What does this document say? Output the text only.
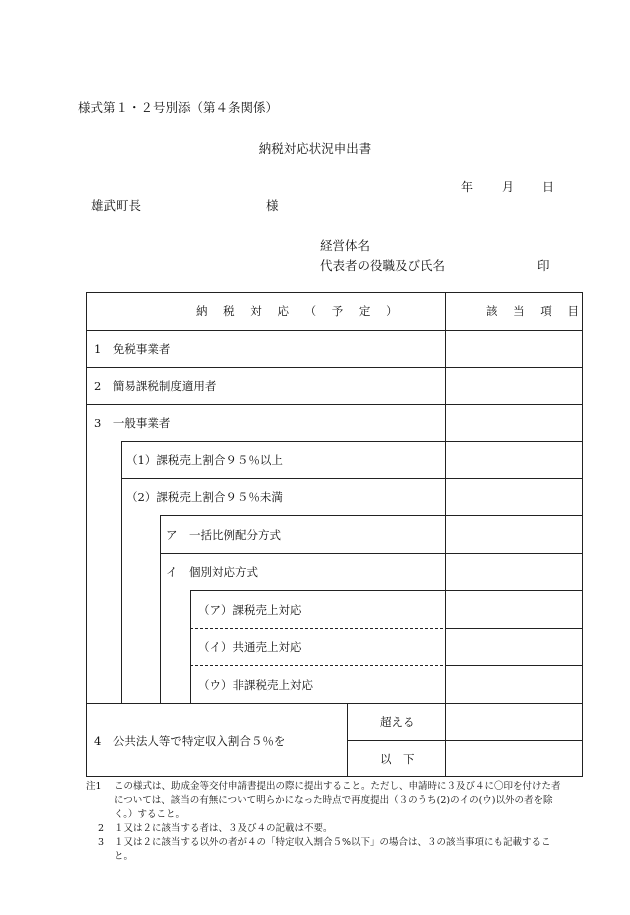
様式第１・２号別添（第４条関係）
納税対応状況申出書
年 月 日
雄武町長	様
経営体名
代表者の役職及び氏名	印
納 税 対 応 （ 予 定 ）	該 当 項 目
1　免税事業者
2　簡易課税制度適用者
3　一般事業者
（1）課税売上割合９５％以上
（2）課税売上割合９５％未満
ア　一括比例配分方式
イ　個別対応方式
（ア）課税売上対応
（イ）共通売上対応
（ウ）非課税売上対応
4　公共法人等で特定収入割合５％を
超える
以　下
注1 この様式は、助成金等交付申請書提出の際に提出すること。ただし、申請時に３及び４に〇印を付けた者については、該当の有無について明らかになった時点で再度提出（３のうち(2)のイの(ウ)以外の者を除く。）すること。
2 １又は２に該当する者は、３及び４の記載は不要。
3 １又は２に該当する以外の者が４の「特定収入割合５%以下」の場合は、３の該当事項にも記載すること。
